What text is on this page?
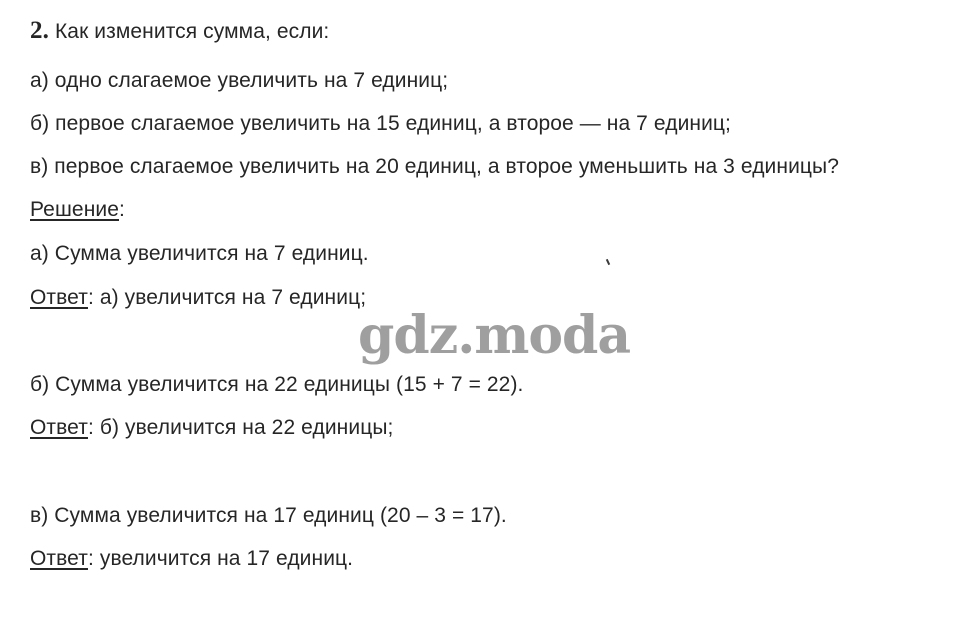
2. Как изменится сумма, если:
а) одно слагаемое увеличить на 7 единиц;
б) первое слагаемое увеличить на 15 единиц, а второе — на 7 единиц;
в) первое слагаемое увеличить на 20 единиц, а второе уменьшить на 3 единицы?
Решение:
а) Сумма увеличится на 7 единиц.
Ответ: а) увеличится на 7 единиц;
gdz.moda
б) Сумма увеличится на 22 единицы (15 + 7 = 22).
Ответ: б) увеличится на 22 единицы;
в) Сумма увеличится на 17 единиц (20 – 3 = 17).
Ответ: увеличится на 17 единиц.
